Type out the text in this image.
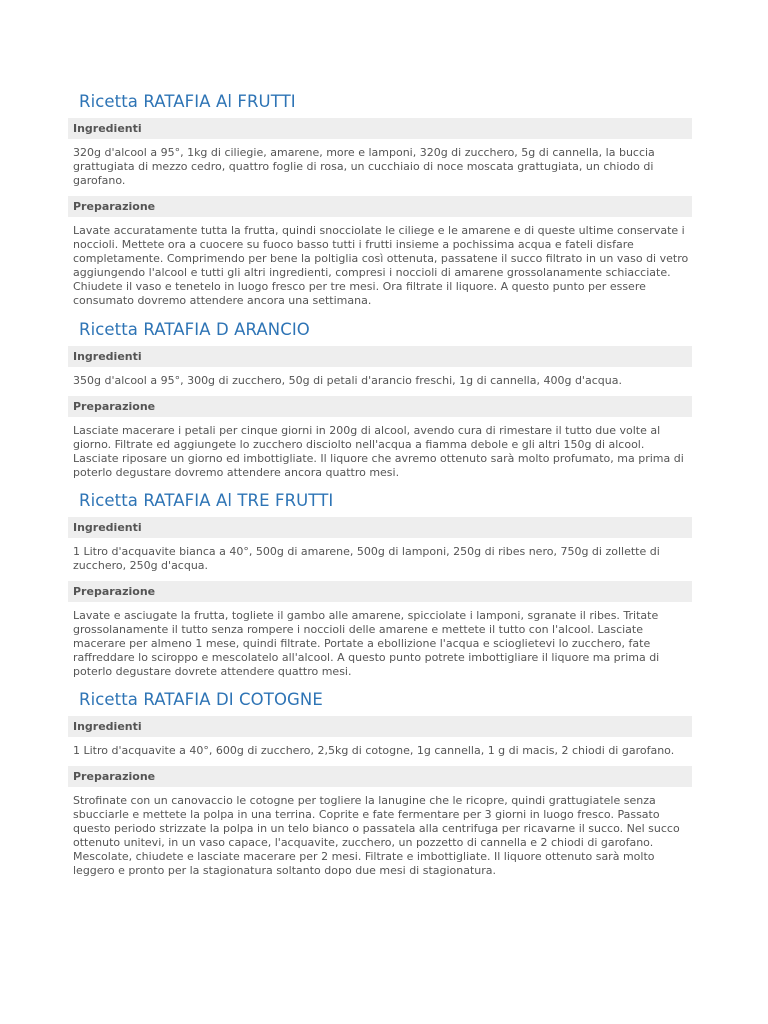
Ricetta RATAFIA Al FRUTTI
Ingredienti

320g d'alcool a 95°, 1kg di ciliegie, amarene, more e lamponi, 320g di zucchero, 5g di cannella, la buccia grattugiata di mezzo cedro, quattro foglie di rosa, un cucchiaio di noce moscata grattugiata, un chiodo di garofano.

Preparazione

Lavate accuratamente tutta la frutta, quindi snocciolate le ciliege e le amarene e di queste ultime conservate i noccioli. Mettete ora a cuocere su fuoco basso tutti i frutti insieme a pochissima acqua e fateli disfare completamente. Comprimendo per bene la poltiglia così ottenuta, passatene il succo filtrato in un vaso di vetro aggiungendo l'alcool e tutti gli altri ingredienti, compresi i noccioli di amarene grossolanamente schiacciate. Chiudete il vaso e tenetelo in luogo fresco per tre mesi. Ora filtrate il liquore. A questo punto per essere consumato dovremo attendere ancora una settimana.

Ricetta RATAFIA D ARANCIO
Ingredienti

350g d'alcool a 95°, 300g di zucchero, 50g di petali d'arancio freschi, 1g di cannella, 400g d'acqua.

Preparazione

Lasciate macerare i petali per cinque giorni in 200g di alcool, avendo cura di rimestare il tutto due volte al giorno. Filtrate ed aggiungete lo zucchero disciolto nell'acqua a fiamma debole e gli altri 150g di alcool. Lasciate riposare un giorno ed imbottigliate. Il liquore che avremo ottenuto sarà molto profumato, ma prima di poterlo degustare dovremo attendere ancora quattro mesi.

Ricetta RATAFIA Al TRE FRUTTI
Ingredienti

1 Litro d'acquavite bianca a 40°, 500g di amarene, 500g di lamponi, 250g di ribes nero, 750g di zollette di zucchero, 250g d'acqua.

Preparazione

Lavate e asciugate la frutta, togliete il gambo alle amarene, spicciolate i lamponi, sgranate il ribes. Tritate grossolanamente il tutto senza rompere i noccioli delle amarene e mettete il tutto con l'alcool. Lasciate macerare per almeno 1 mese, quindi filtrate. Portate a ebollizione l'acqua e scioglietevi lo zucchero, fate raffreddare lo sciroppo e mescolatelo all'alcool. A questo punto potrete imbottigliare il liquore ma prima di poterlo degustare dovrete attendere quattro mesi.

Ricetta RATAFIA DI COTOGNE
Ingredienti

1 Litro d'acquavite a 40°, 600g di zucchero, 2,5kg di cotogne, 1g cannella, 1 g di macis, 2 chiodi di garofano.

Preparazione

Strofinate con un canovaccio le cotogne per togliere la lanugine che le ricopre, quindi grattugiatele senza sbucciarle e mettete la polpa in una terrina. Coprite e fate fermentare per 3 giorni in luogo fresco. Passato questo periodo strizzate la polpa in un telo bianco o passatela alla centrifuga per ricavarne il succo. Nel succo ottenuto unitevi, in un vaso capace, l'acquavite, zucchero, un pozzetto di cannella e 2 chiodi di garofano. Mescolate, chiudete e lasciate macerare per 2 mesi. Filtrate e imbottigliate. Il liquore ottenuto sarà molto leggero e pronto per la stagionatura soltanto dopo due mesi di stagionatura.
